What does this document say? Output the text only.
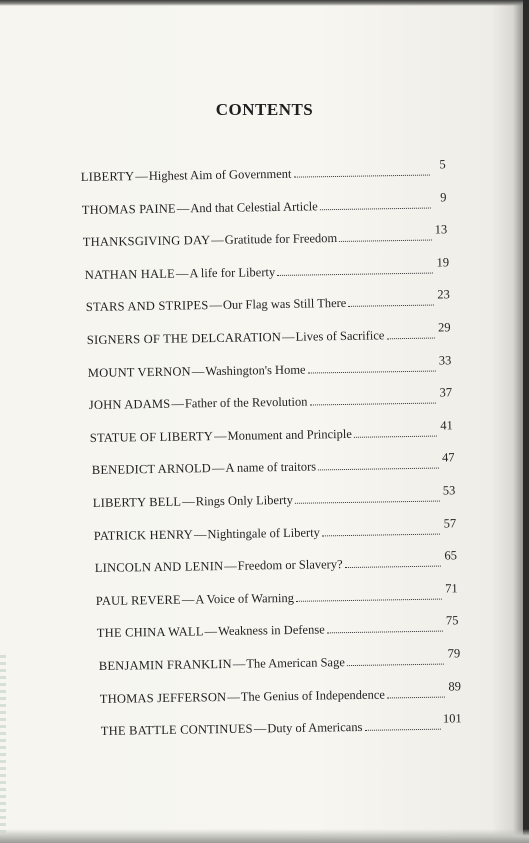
CONTENTS
LIBERTY — Highest Aim of Government
5
THOMAS PAINE — And that Celestial Article
9
THANKSGIVING DAY — Gratitude for Freedom
13
NATHAN HALE — A life for Liberty
19
STARS AND STRIPES — Our Flag was Still There
23
SIGNERS OF THE DELCARATION — Lives of Sacrifice
29
MOUNT VERNON — Washington's Home
33
JOHN ADAMS — Father of the Revolution
37
STATUE OF LIBERTY — Monument and Principle
41
BENEDICT ARNOLD — A name of traitors
47
LIBERTY BELL — Rings Only Liberty
53
PATRICK HENRY — Nightingale of Liberty
57
LINCOLN AND LENIN — Freedom or Slavery?
65
PAUL REVERE — A Voice of Warning
71
THE CHINA WALL — Weakness in Defense
75
BENJAMIN FRANKLIN — The American Sage
79
THOMAS JEFFERSON — The Genius of Independence
89
THE BATTLE CONTINUES — Duty of Americans
101
